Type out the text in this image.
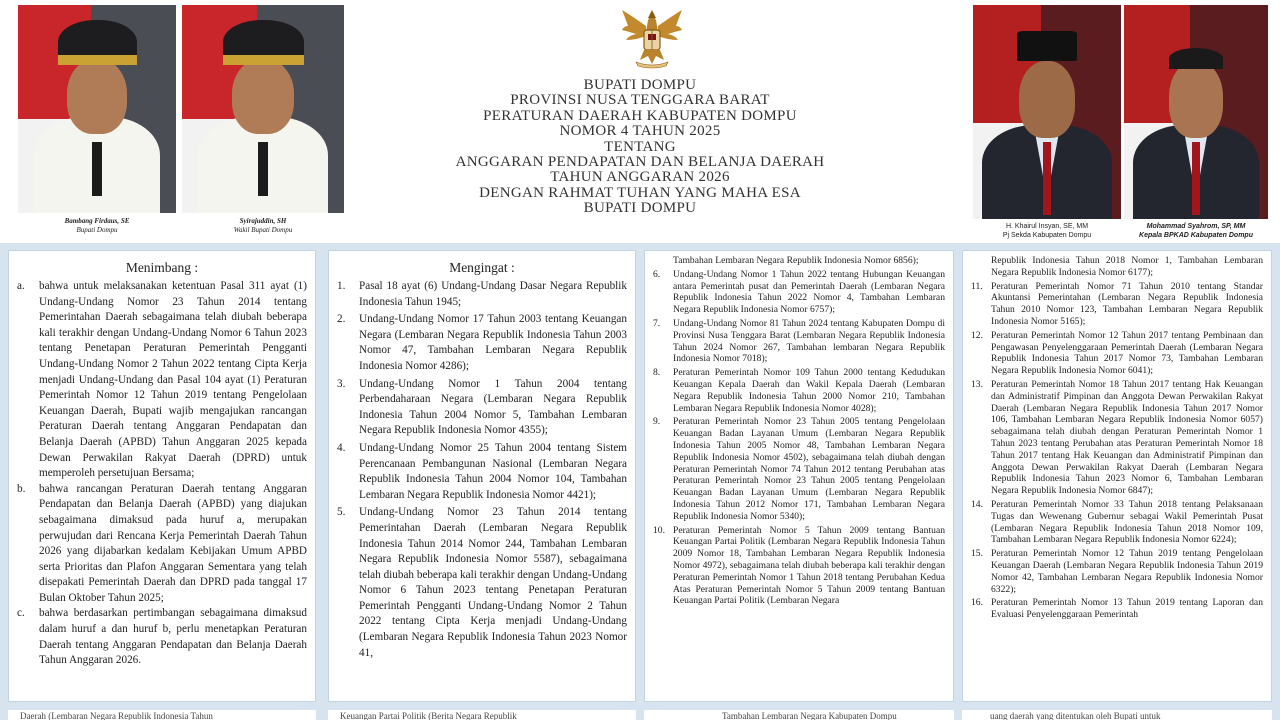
Bambang Firdaus, SE
Bupati Dompu
Syirajuddin, SH
Wakil Bupati Dompu
BUPATI DOMPU
PROVINSI NUSA TENGGARA BARAT
PERATURAN DAERAH KABUPATEN DOMPU
NOMOR 4 TAHUN 2025
TENTANG
ANGGARAN PENDAPATAN DAN BELANJA DAERAH
TAHUN ANGGARAN 2026
DENGAN RAHMAT TUHAN YANG MAHA ESA
BUPATI DOMPU
H. Khairul Insyan, SE, MM
Pj Sekda Kabupaten Dompu
Mohammad Syahrom, SP, MM
Kepala BPKAD Kabupaten Dompu
Menimbang :
a. bahwa untuk melaksanakan ketentuan Pasal 311 ayat (1) Undang-Undang Nomor 23 Tahun 2014 tentang Pemerintahan Daerah sebagaimana telah diubah beberapa kali terakhir dengan Undang-Undang Nomor 6 Tahun 2023 tentang Penetapan Peraturan Pemerintah Pengganti Undang-Undang Nomor 2 Tahun 2022 tentang Cipta Kerja menjadi Undang-Undang dan Pasal 104 ayat (1) Peraturan Pemerintah Nomor 12 Tahun 2019 tentang Pengelolaan Keuangan Daerah, Bupati wajib mengajukan rancangan Peraturan Daerah tentang Anggaran Pendapatan dan Belanja Daerah (APBD) Tahun Anggaran 2025 kepada Dewan Perwakilan Rakyat Daerah (DPRD) untuk memperoleh persetujuan Bersama;
b. bahwa rancangan Peraturan Daerah tentang Anggaran Pendapatan dan Belanja Daerah (APBD) yang diajukan sebagaimana dimaksud pada huruf a, merupakan perwujudan dari Rencana Kerja Pemerintah Daerah Tahun 2026 yang dijabarkan kedalam Kebijakan Umum APBD serta Prioritas dan Plafon Anggaran Sementara yang telah disepakati Pemerintah Daerah dan DPRD pada tanggal 17 Bulan Oktober Tahun 2025;
c. bahwa berdasarkan pertimbangan sebagaimana dimaksud dalam huruf a dan huruf b, perlu menetapkan Peraturan Daerah tentang Anggaran Pendapatan dan Belanja Daerah Tahun Anggaran 2026.
Mengingat :
1. Pasal 18 ayat (6) Undang-Undang Dasar Negara Republik Indonesia Tahun 1945;
2. Undang-Undang Nomor 17 Tahun 2003 tentang Keuangan Negara (Lembaran Negara Republik Indonesia Tahun 2003 Nomor 47, Tambahan Lembaran Negara Republik Indonesia Nomor 4286);
3. Undang-Undang Nomor 1 Tahun 2004 tentang Perbendaharaan Negara (Lembaran Negara Republik Indonesia Tahun 2004 Nomor 5, Tambahan Lembaran Negara Republik Indonesia Nomor 4355);
4. Undang-Undang Nomor 25 Tahun 2004 tentang Sistem Perencanaan Pembangunan Nasional (Lembaran Negara Republik Indonesia Tahun 2004 Nomor 104, Tambahan Lembaran Negara Republik Indonesia Nomor 4421);
5. Undang-Undang Nomor 23 Tahun 2014 tentang Pemerintahan Daerah (Lembaran Negara Republik Indonesia Tahun 2014 Nomor 244, Tambahan Lembaran Negara Republik Indonesia Nomor 5587), sebagaimana telah diubah beberapa kali terakhir dengan Undang-Undang Nomor 6 Tahun 2023 tentang Penetapan Peraturan Pemerintah Pengganti Undang-Undang Nomor 2 Tahun 2022 tentang Cipta Kerja menjadi Undang-Undang (Lembaran Negara Republik Indonesia Tahun 2023 Nomor 41,
Tambahan Lembaran Negara Republik Indonesia Nomor 6856);
6. Undang-Undang Nomor 1 Tahun 2022 tentang Hubungan Keuangan antara Pemerintah pusat dan Pemerintah Daerah (Lembaran Negara Republik Indonesia Tahun 2022 Nomor 4, Tambahan Lembaran Negara Republik Indonesia Nomor 6757);
7. Undang-Undang Nomor 81 Tahun 2024 tentang Kabupaten Dompu di Provinsi Nusa Tenggara Barat (Lembaran Negara Republik Indonesia Tahun 2024 Nomor 267, Tambahan lembaran Negara Republik Indonesia Nomor 7018);
8. Peraturan Pemerintah Nomor 109 Tahun 2000 tentang Kedudukan Keuangan Kepala Daerah dan Wakil Kepala Daerah (Lembaran Negara Republik Indonesia Tahun 2000 Nomor 210, Tambahan Lembaran Negara Republik Indonesia Nomor 4028);
9. Peraturan Pemerintah Nomor 23 Tahun 2005 tentang Pengelolaan Keuangan Badan Layanan Umum (Lembaran Negara Republik Indonesia Tahun 2005 Nomor 48, Tambahan Lembaran Negara Republik Indonesia Nomor 4502), sebagaimana telah diubah dengan Peraturan Pemerintah Nomor 74 Tahun 2012 tentang Perubahan atas Peraturan Pemerintah Nomor 23 Tahun 2005 tentang Pengelolaan Keuangan Badan Layanan Umum (Lembaran Negara Republik Indonesia Tahun 2012 Nomor 171, Tambahan Lembaran Negara Republik Indonesia Nomor 5340);
10. Peraturan Pemerintah Nomor 5 Tahun 2009 tentang Bantuan Keuangan Partai Politik (Lembaran Negara Republik Indonesia Tahun 2009 Nomor 18, Tambahan Lembaran Negara Republik Indonesia Nomor 4972), sebagaimana telah diubah beberapa kali terakhir dengan Peraturan Pemerintah Nomor 1 Tahun 2018 tentang Perubahan Kedua Atas Peraturan Pemerintah Nomor 5 Tahun 2009 tentang Bantuan Keuangan Partai Politik (Lembaran Negara
Republik Indonesia Tahun 2018 Nomor 1, Tambahan Lembaran Negara Republik Indonesia Nomor 6177);
11. Peraturan Pemerintah Nomor 71 Tahun 2010 tentang Standar Akuntansi Pemerintahan (Lembaran Negara Republik Indonesia Tahun 2010 Nomor 123, Tambahan Lembaran Negara Republik Indonesia Nomor 5165);
12. Peraturan Pemerintah Nomor 12 Tahun 2017 tentang Pembinaan dan Pengawasan Penyelenggaraan Pemerintah Daerah (Lembaran Negara Republik Indonesia Tahun 2017 Nomor 73, Tambahan Lembaran Negara Republik Indonesia Nomor 6041);
13. Peraturan Pemerintah Nomor 18 Tahun 2017 tentang Hak Keuangan dan Administratif Pimpinan dan Anggota Dewan Perwakilan Rakyat Daerah (Lembaran Negara Republik Indonesia Tahun 2017 Nomor 106, Tambahan Lembaran Negara Republik Indonesia Nomor 6057) sebagaimana telah diubah dengan Peraturan Pemerintah Nomor 1 Tahun 2023 tentang Perubahan atas Peraturan Pemerintah Nomor 18 Tahun 2017 tentang Hak Keuangan dan Administratif Pimpinan dan Anggota Dewan Perwakilan Rakyat Daerah (Lembaran Negara Republik Indonesia Tahun 2023 Nomor 6, Tambahan Lembaran Negara Republik Indonesia Nomor 6847);
14. Peraturan Pemerintah Nomor 33 Tahun 2018 tentang Pelaksanaan Tugas dan Wewenang Gubernur sebagai Wakil Pemerintah Pusat (Lembaran Negara Republik Indonesia Tahun 2018 Nomor 109, Tambahan Lembaran Negara Republik Indonesia Nomor 6224);
15. Peraturan Pemerintah Nomor 12 Tahun 2019 tentang Pengelolaan Keuangan Daerah (Lembaran Negara Republik Indonesia Tahun 2019 Nomor 42, Tambahan Lembaran Negara Republik Indonesia Nomor 6322);
16. Peraturan Pemerintah Nomor 13 Tahun 2019 tentang Laporan dan Evaluasi Penyelenggaraan Pemerintah
Daerah (Lembaran Negara Republik Indonesia Tahun	Keuangan Partai Politik (Berita Negara Republik	Tambahan Lembaran Negara Kabupaten Dompu	uang daerah yang ditentukan oleh Bupati untuk
